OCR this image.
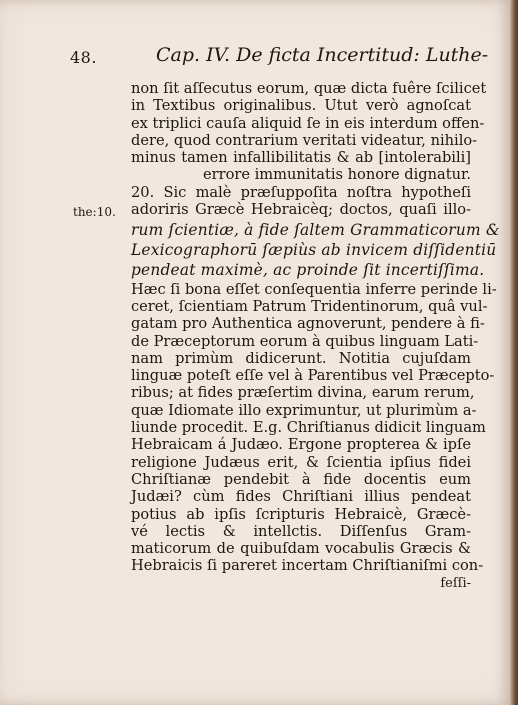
48.	Cap. IV. De ficta Incertitud: Luthe-
the:10.
non ſit aſſecutus eorum, quæ dicta fuêre ſcilicet
in Textibus originalibus. Utut verò agnoſcat
ex triplici cauſa aliquid ſe in eis interdum offen-
dere, quod contrarium veritati videatur, nihilo-
minus tamen infallibilitatis & ab [intolerabili]
errore immunitatis honore dignatur.
20. Sic malè præſuppoſita noſtra hypotheſi
adoriris Græcè Hebraicèq; doctos, quaſi illo-
rum ſcientiæ, à fide ſaltem Grammaticorum &
Lexicographorū ſæpiùs ab invicem diſſidentiū
pendeat maximè, ac proinde ſit incertiſſima.
Hæc ſi bona eſſet conſequentia inferre perinde li-
ceret, ſcientiam Patrum Tridentinorum, quâ vul-
gatam pro Authentica agnoverunt, pendere à fi-
de Præceptorum eorum à quibus linguam Lati-
nam primùm didicerunt. Notitia cujuſdam
linguæ poteſt eſſe vel à Parentibus vel Præcepto-
ribus; at fides præſertim divina, earum rerum,
quæ Idiomate illo exprimuntur, ut plurimùm a-
liunde procedit. E.g. Chriſtianus didicit linguam
Hebraicam á Judæo. Ergone propterea & ipſe
religione Judæus erit, & ſcientia ipſius fidei
Chriſtianæ pendebit à fide docentis eum
Judæi? cùm fides Chriſtiani illius pendeat
potius ab ipſis ſcripturis Hebraicè, Græcè-
vé lectis & intellctis. Diſſenſus Gram-
maticorum de quibuſdam vocabulis Græcis &
Hebraicis ſi pareret incertam Chriſtianiſmi con-
feſſi-
